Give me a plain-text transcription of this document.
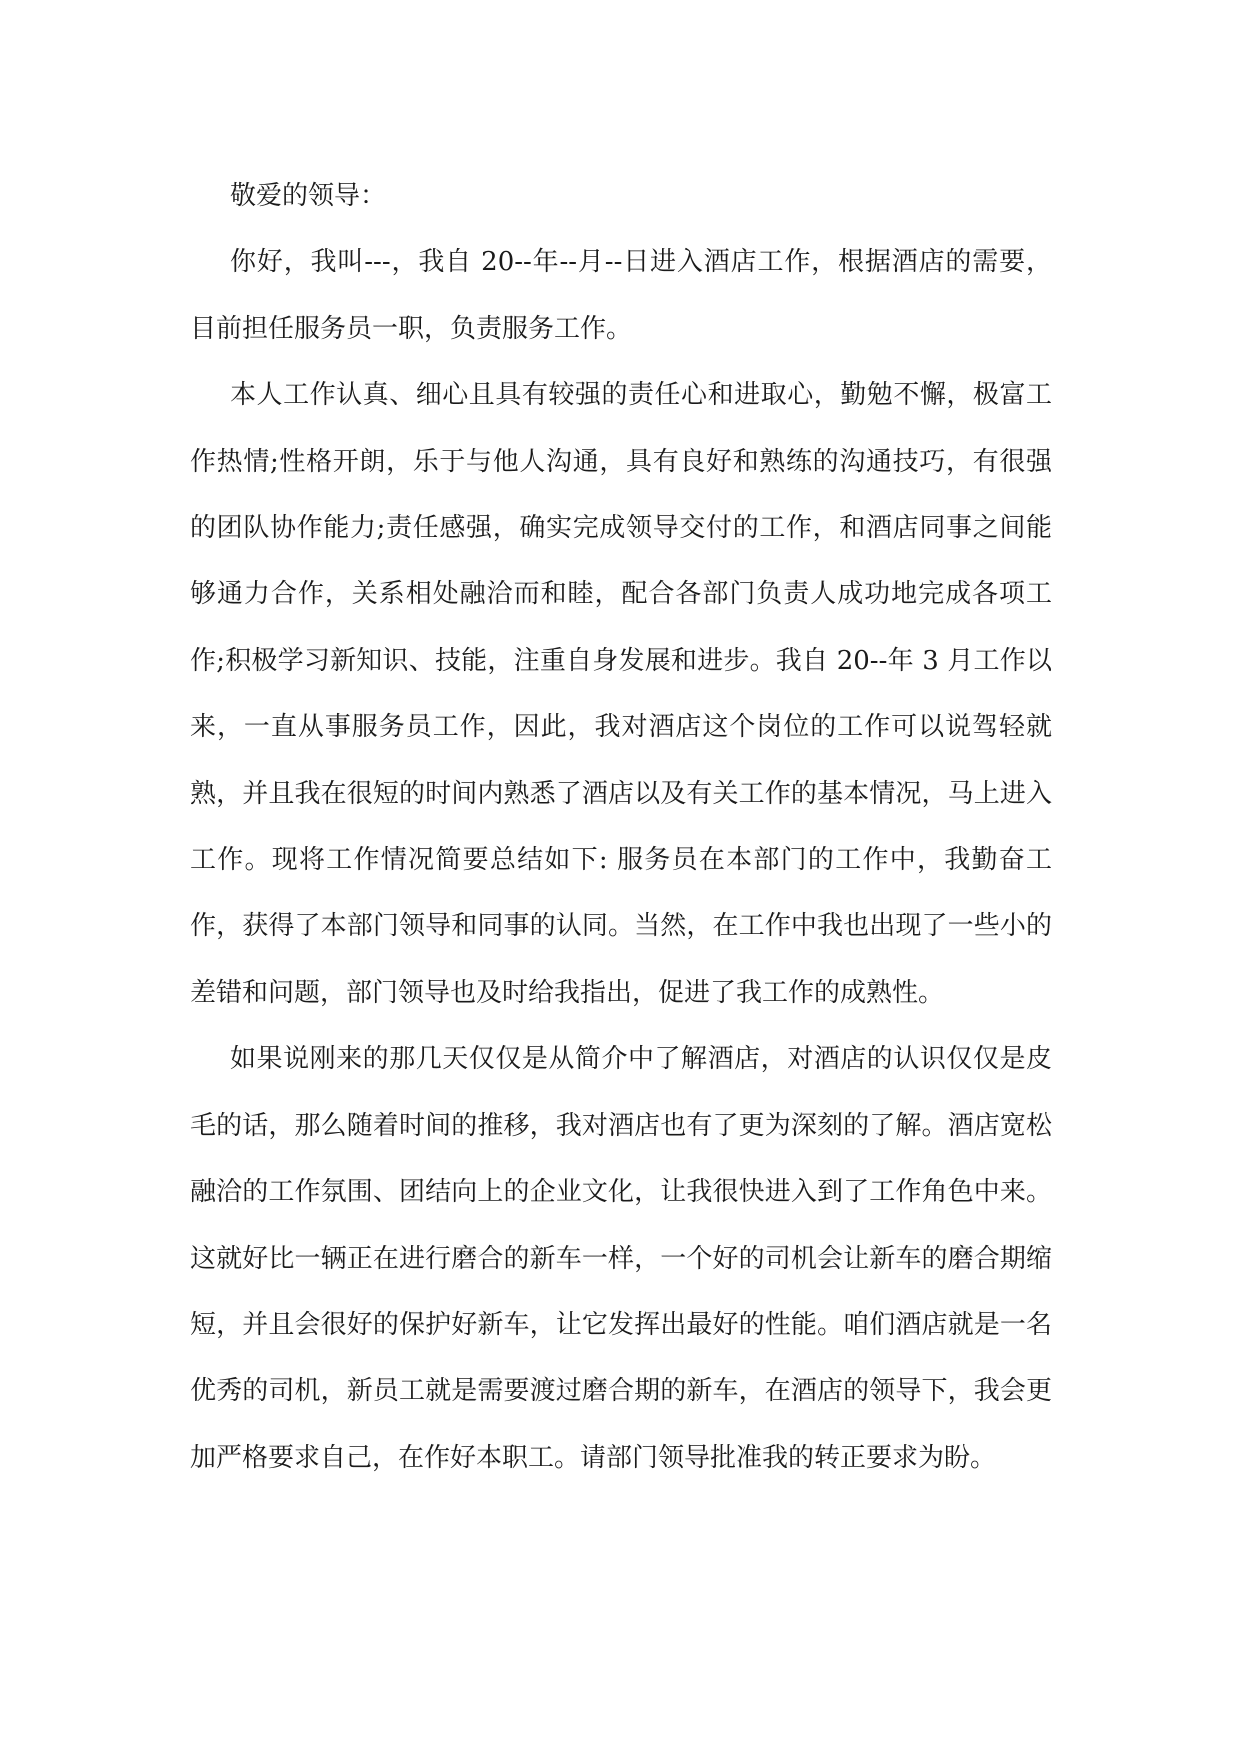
敬爱的领导：

你好，我叫---，我自 20--年--月--日进入酒店工作，根据酒店的需要，目前担任服务员一职，负责服务工作。

本人工作认真、细心且具有较强的责任心和进取心，勤勉不懈，极富工作热情;性格开朗，乐于与他人沟通，具有良好和熟练的沟通技巧，有很强的团队协作能力;责任感强，确实完成领导交付的工作，和酒店同事之间能够通力合作，关系相处融洽而和睦，配合各部门负责人成功地完成各项工作;积极学习新知识、技能，注重自身发展和进步。我自 20--年 3 月工作以来，一直从事服务员工作，因此，我对酒店这个岗位的工作可以说驾轻就熟，并且我在很短的时间内熟悉了酒店以及有关工作的基本情况，马上进入工作。现将工作情况简要总结如下: 服务员在本部门的工作中，我勤奋工作，获得了本部门领导和同事的认同。当然，在工作中我也出现了一些小的差错和问题，部门领导也及时给我指出，促进了我工作的成熟性。

如果说刚来的那几天仅仅是从简介中了解酒店，对酒店的认识仅仅是皮毛的话，那么随着时间的推移，我对酒店也有了更为深刻的了解。酒店宽松融洽的工作氛围、团结向上的企业文化，让我很快进入到了工作角色中来。这就好比一辆正在进行磨合的新车一样，一个好的司机会让新车的磨合期缩短，并且会很好的保护好新车，让它发挥出最好的性能。咱们酒店就是一名优秀的司机，新员工就是需要渡过磨合期的新车，在酒店的领导下，我会更加严格要求自己，在作好本职工。请部门领导批准我的转正要求为盼。
